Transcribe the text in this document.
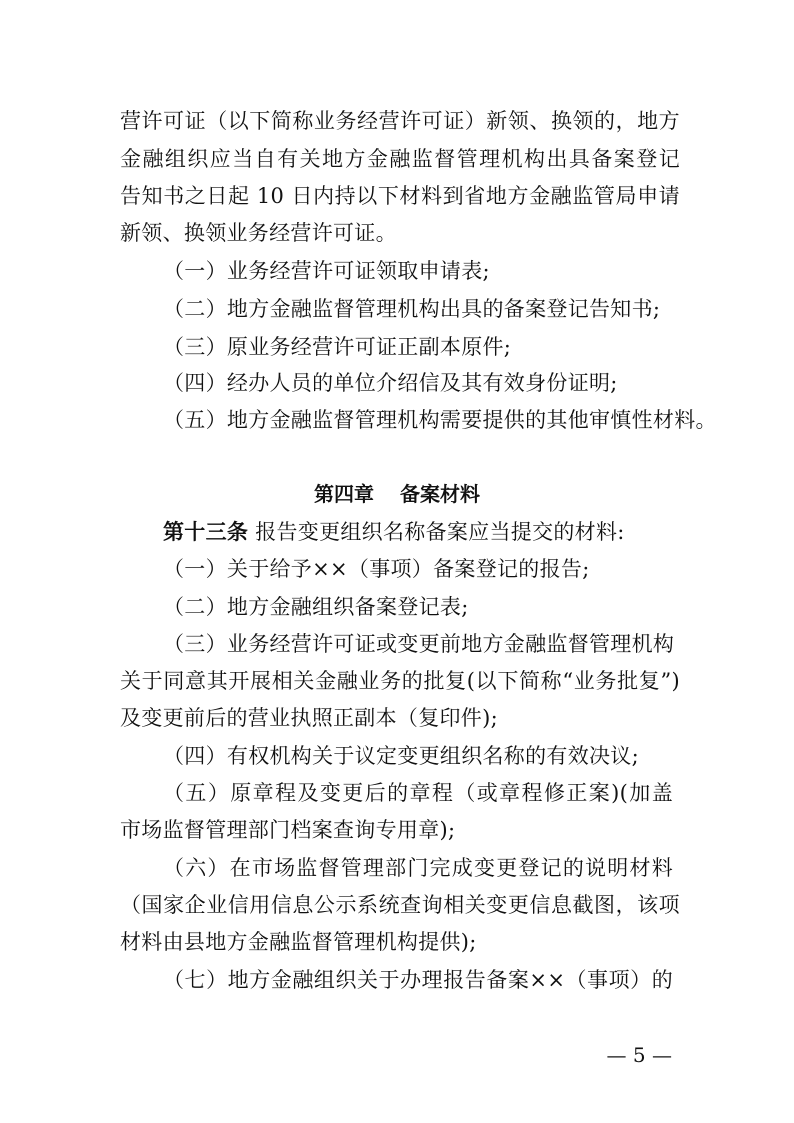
营许可证（以下简称业务经营许可证）新领、换领的，地方
金融组织应当自有关地方金融监督管理机构出具备案登记
告知书之日起 10 日内持以下材料到省地方金融监管局申请
新领、换领业务经营许可证。
（一）业务经营许可证领取申请表;
（二）地方金融监督管理机构出具的备案登记告知书;
（三）原业务经营许可证正副本原件;
（四）经办人员的单位介绍信及其有效身份证明;
（五）地方金融监督管理机构需要提供的其他审慎性材料。
第四章 备案材料
第十三条 报告变更组织名称备案应当提交的材料:
（一）关于给予××（事项）备案登记的报告;
（二）地方金融组织备案登记表;
（三）业务经营许可证或变更前地方金融监督管理机构
关于同意其开展相关金融业务的批复(以下简称“业务批复”)
及变更前后的营业执照正副本（复印件);
（四）有权机构关于议定变更组织名称的有效决议;
（五）原章程及变更后的章程（或章程修正案)(加盖
市场监督管理部门档案查询专用章);
（六）在市场监督管理部门完成变更登记的说明材料
（国家企业信用信息公示系统查询相关变更信息截图，该项
材料由县地方金融监督管理机构提供);
（七）地方金融组织关于办理报告备案××（事项）的
— 5 —
